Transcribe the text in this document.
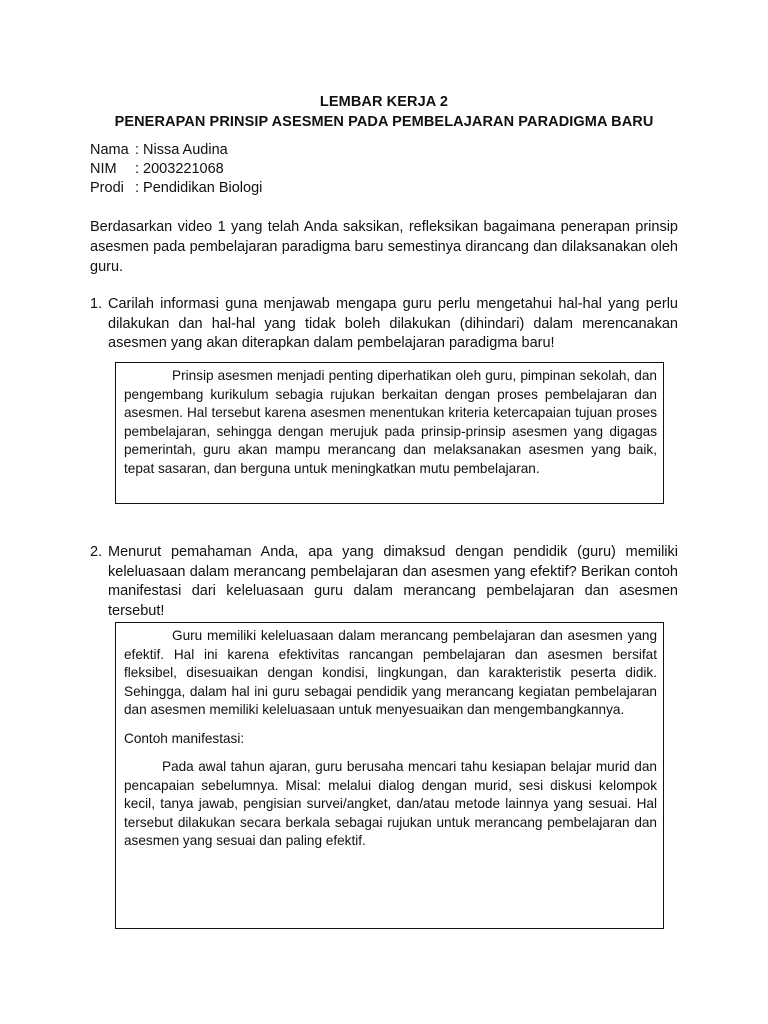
LEMBAR KERJA 2
PENERAPAN PRINSIP ASESMEN PADA PEMBELAJARAN PARADIGMA BARU
Nama : Nissa Audina
NIM	: 2003221068
Prodi : Pendidikan Biologi
Berdasarkan video 1 yang telah Anda saksikan, refleksikan bagaimana penerapan prinsip asesmen pada pembelajaran paradigma baru semestinya dirancang dan dilaksanakan oleh guru.
1. Carilah informasi guna menjawab mengapa guru perlu mengetahui hal-hal yang perlu dilakukan dan hal-hal yang tidak boleh dilakukan (dihindari) dalam merencanakan asesmen yang akan diterapkan dalam pembelajaran paradigma baru!

Prinsip asesmen menjadi penting diperhatikan oleh guru, pimpinan sekolah, dan pengembang kurikulum sebagia rujukan berkaitan dengan proses pembelajaran dan asesmen. Hal tersebut karena asesmen menentukan kriteria ketercapaian tujuan proses pembelajaran, sehingga dengan merujuk pada prinsip-prinsip asesmen yang digagas pemerintah, guru akan mampu merancang dan melaksanakan asesmen yang baik, tepat sasaran, dan berguna untuk meningkatkan mutu pembelajaran.

2. Menurut pemahaman Anda, apa yang dimaksud dengan pendidik (guru) memiliki keleluasaan dalam merancang pembelajaran dan asesmen yang efektif? Berikan contoh manifestasi dari keleluasaan guru dalam merancang pembelajaran dan asesmen tersebut!

Guru memiliki keleluasaan dalam merancang pembelajaran dan asesmen yang efektif. Hal ini karena efektivitas rancangan pembelajaran dan asesmen bersifat fleksibel, disesuaikan dengan kondisi, lingkungan, dan karakteristik peserta didik. Sehingga, dalam hal ini guru sebagai pendidik yang merancang kegiatan pembelajaran dan asesmen memiliki keleluasaan untuk menyesuaikan dan mengembangkannya.

Contoh manifestasi:

Pada awal tahun ajaran, guru berusaha mencari tahu kesiapan belajar murid dan pencapaian sebelumnya. Misal: melalui dialog dengan murid, sesi diskusi kelompok kecil, tanya jawab, pengisian survei/angket, dan/atau metode lainnya yang sesuai. Hal tersebut dilakukan secara berkala sebagai rujukan untuk merancang pembelajaran dan asesmen yang sesuai dan paling efektif.
